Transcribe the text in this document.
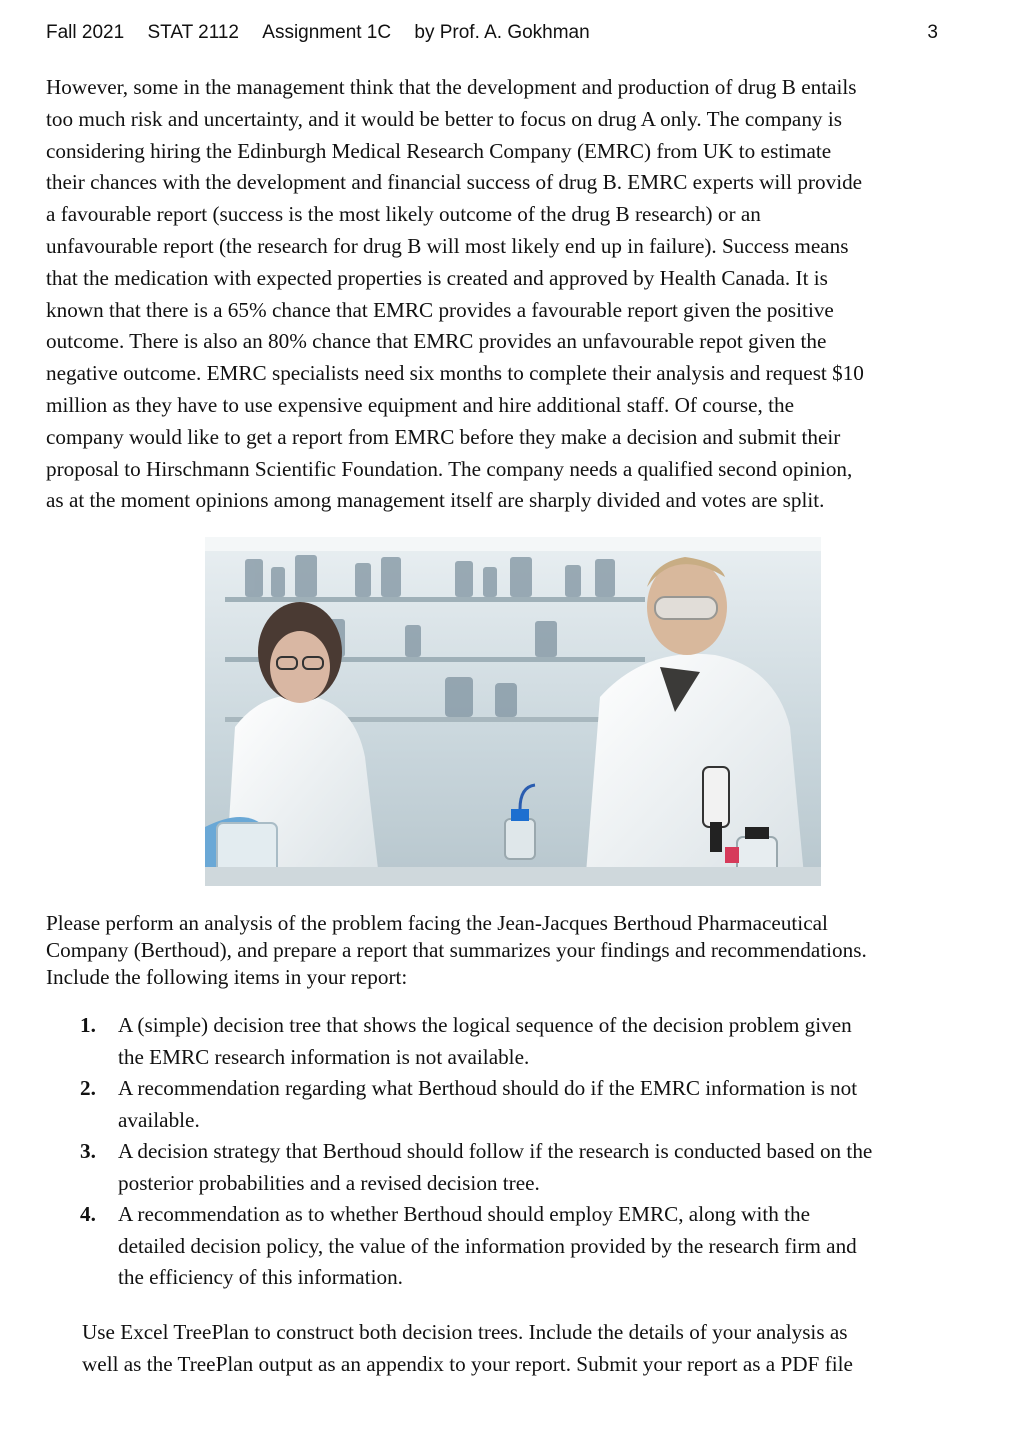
Fall 2021 STAT 2112 Assignment 1C by Prof. A. Gokhman	3

However, some in the management think that the development and production of drug B entails
too much risk and uncertainty, and it would be better to focus on drug A only. The company is
considering hiring the Edinburgh Medical Research Company (EMRC) from UK to estimate
their chances with the development and financial success of drug B. EMRC experts will provide
a favourable report (success is the most likely outcome of the drug B research) or an
unfavourable report (the research for drug B will most likely end up in failure). Success means
that the medication with expected properties is created and approved by Health Canada. It is
known that there is a 65% chance that EMRC provides a favourable report given the positive
outcome. There is also an 80% chance that EMRC provides an unfavourable repot given the
negative outcome. EMRC specialists need six months to complete their analysis and request $10
million as they have to use expensive equipment and hire additional staff. Of course, the
company would like to get a report from EMRC before they make a decision and submit their
proposal to Hirschmann Scientific Foundation. The company needs a qualified second opinion,
as at the moment opinions among management itself are sharply divided and votes are split.

Please perform an analysis of the problem facing the Jean-Jacques Berthoud Pharmaceutical
Company (Berthoud), and prepare a report that summarizes your findings and recommendations.
Include the following items in your report:

1. A (simple) decision tree that shows the logical sequence of the decision problem given
the EMRC research information is not available.
2. A recommendation regarding what Berthoud should do if the EMRC information is not
available.
3. A decision strategy that Berthoud should follow if the research is conducted based on the
posterior probabilities and a revised decision tree.
4. A recommendation as to whether Berthoud should employ EMRC, along with the
detailed decision policy, the value of the information provided by the research firm and
the efficiency of this information.

Use Excel TreePlan to construct both decision trees. Include the details of your analysis as
well as the TreePlan output as an appendix to your report. Submit your report as a PDF file
